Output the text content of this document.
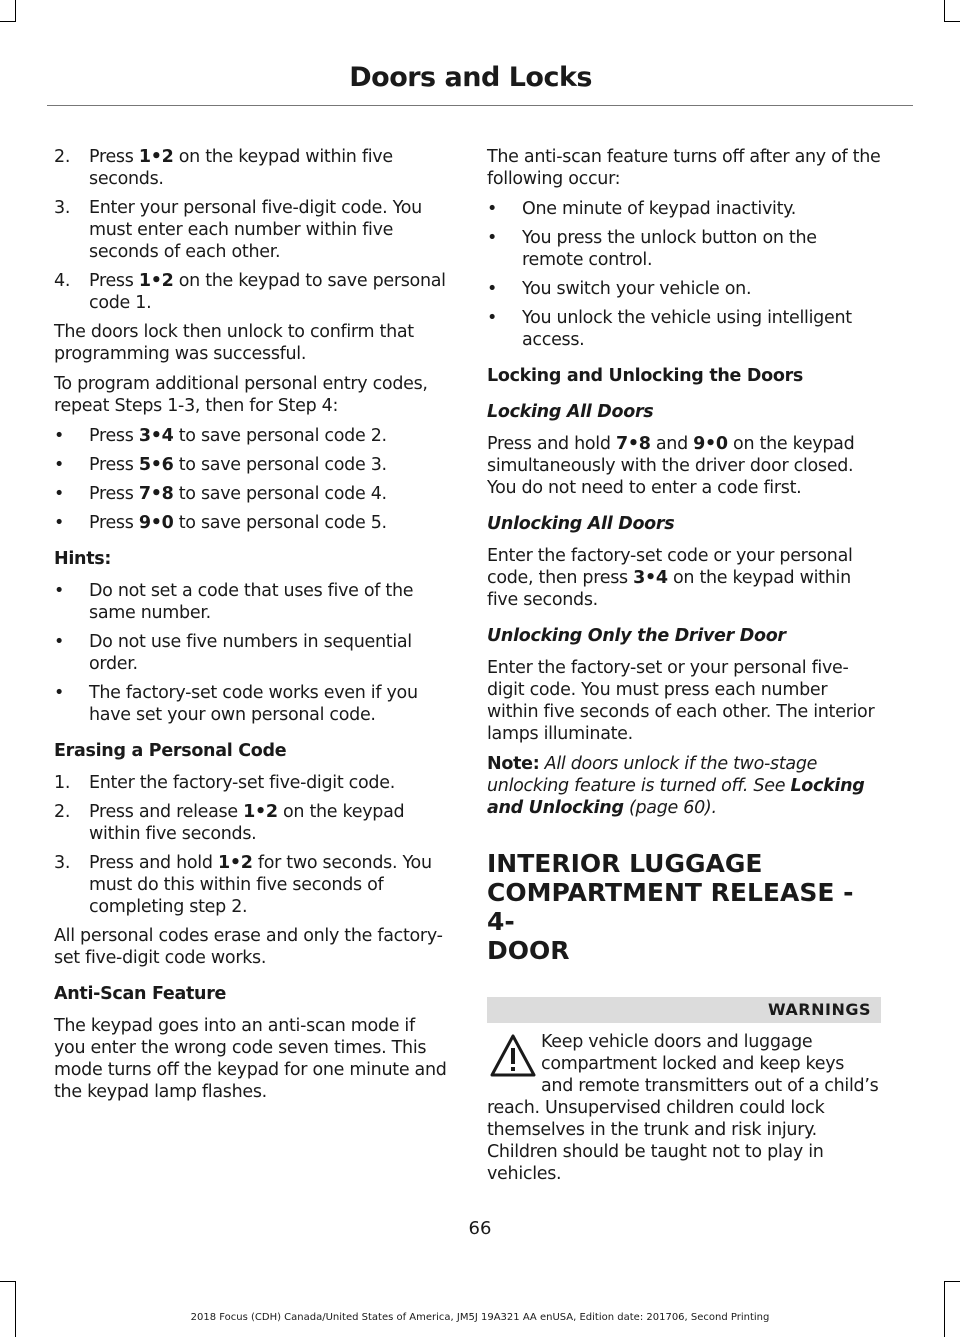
Doors and Locks
2. Press 1•2 on the keypad within five seconds.
3. Enter your personal five-digit code. You must enter each number within five seconds of each other.
4. Press 1•2 on the keypad to save personal code 1.
The doors lock then unlock to confirm that programming was successful.
To program additional personal entry codes, repeat Steps 1-3, then for Step 4:
• Press 3•4 to save personal code 2.
• Press 5•6 to save personal code 3.
• Press 7•8 to save personal code 4.
• Press 9•0 to save personal code 5.
Hints:
• Do not set a code that uses five of the same number.
• Do not use five numbers in sequential order.
• The factory-set code works even if you have set your own personal code.
Erasing a Personal Code
1. Enter the factory-set five-digit code.
2. Press and release 1•2 on the keypad within five seconds.
3. Press and hold 1•2 for two seconds. You must do this within five seconds of completing step 2.
All personal codes erase and only the factory-set five-digit code works.
Anti-Scan Feature
The keypad goes into an anti-scan mode if you enter the wrong code seven times. This mode turns off the keypad for one minute and the keypad lamp flashes.
The anti-scan feature turns off after any of the following occur:
• One minute of keypad inactivity.
• You press the unlock button on the remote control.
• You switch your vehicle on.
• You unlock the vehicle using intelligent access.
Locking and Unlocking the Doors
Locking All Doors
Press and hold 7•8 and 9•0 on the keypad simultaneously with the driver door closed. You do not need to enter a code first.
Unlocking All Doors
Enter the factory-set code or your personal code, then press 3•4 on the keypad within five seconds.
Unlocking Only the Driver Door
Enter the factory-set or your personal five-digit code. You must press each number within five seconds of each other. The interior lamps illuminate.
Note: All doors unlock if the two-stage unlocking feature is turned off. See Locking and Unlocking (page 60).
INTERIOR LUGGAGE
COMPARTMENT RELEASE - 4-
DOOR
WARNINGS
Keep vehicle doors and luggage compartment locked and keep keys and remote transmitters out of a child’s reach. Unsupervised children could lock themselves in the trunk and risk injury. Children should be taught not to play in vehicles.
66
2018 Focus (CDH) Canada/United States of America, JM5J 19A321 AA enUSA, Edition date: 201706, Second Printing
